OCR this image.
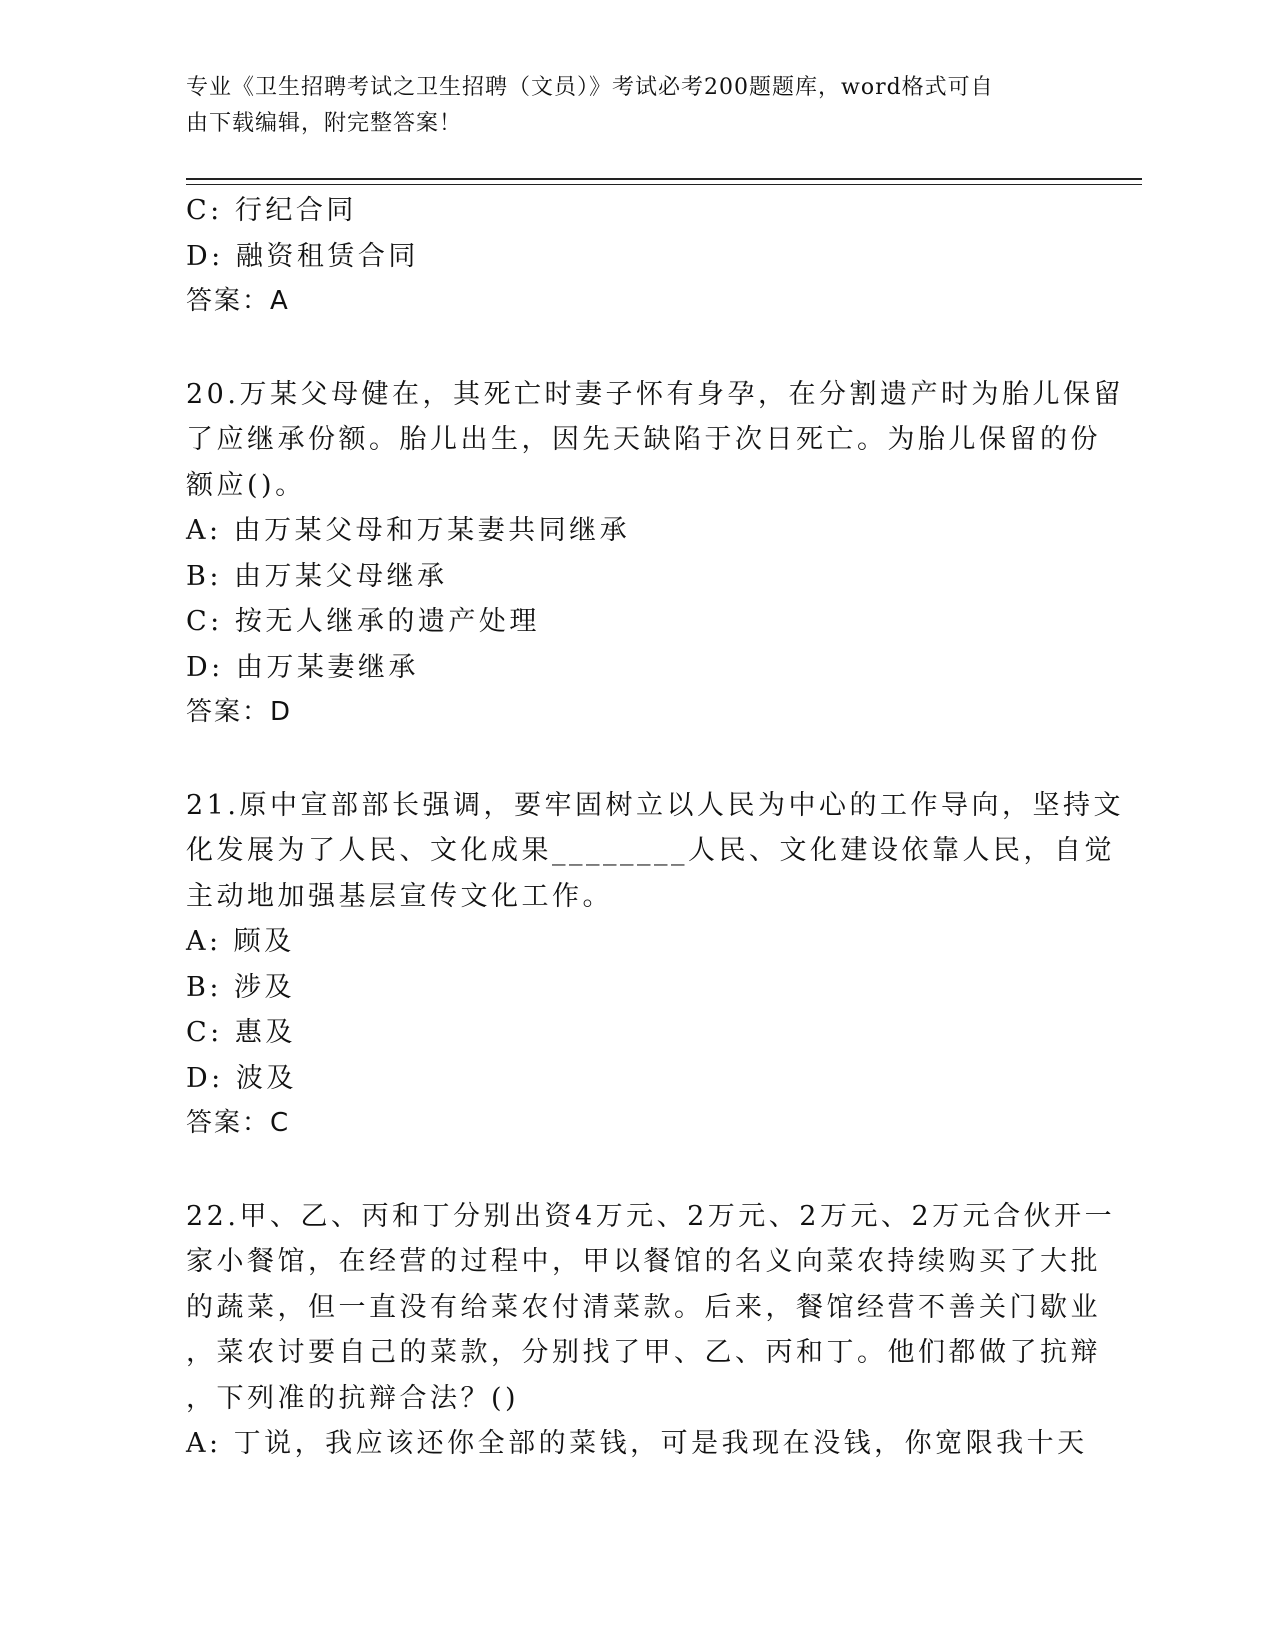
专业《卫生招聘考试之卫生招聘（文员）》考试必考200题题库，word格式可自
由下载编辑，附完整答案！
C: 行纪合同
D: 融资租赁合同
答案：A
20.万某父母健在，其死亡时妻子怀有身孕，在分割遗产时为胎儿保留
了应继承份额。胎儿出生，因先天缺陷于次日死亡。为胎儿保留的份
额应()。
A: 由万某父母和万某妻共同继承
B: 由万某父母继承
C: 按无人继承的遗产处理
D: 由万某妻继承
答案：D
21.原中宣部部长强调，要牢固树立以人民为中心的工作导向，坚持文
化发展为了人民、文化成果________人民、文化建设依靠人民，自觉
主动地加强基层宣传文化工作。
A: 顾及
B: 涉及
C: 惠及
D: 波及
答案：C
22.甲、乙、丙和丁分别出资4万元、2万元、2万元、2万元合伙开一
家小餐馆，在经营的过程中，甲以餐馆的名义向菜农持续购买了大批
的蔬菜，但一直没有给菜农付清菜款。后来，餐馆经营不善关门歇业
，菜农讨要自己的菜款，分别找了甲、乙、丙和丁。他们都做了抗辩
，下列准的抗辩合法？()
A: 丁说，我应该还你全部的菜钱，可是我现在没钱，你宽限我十天
